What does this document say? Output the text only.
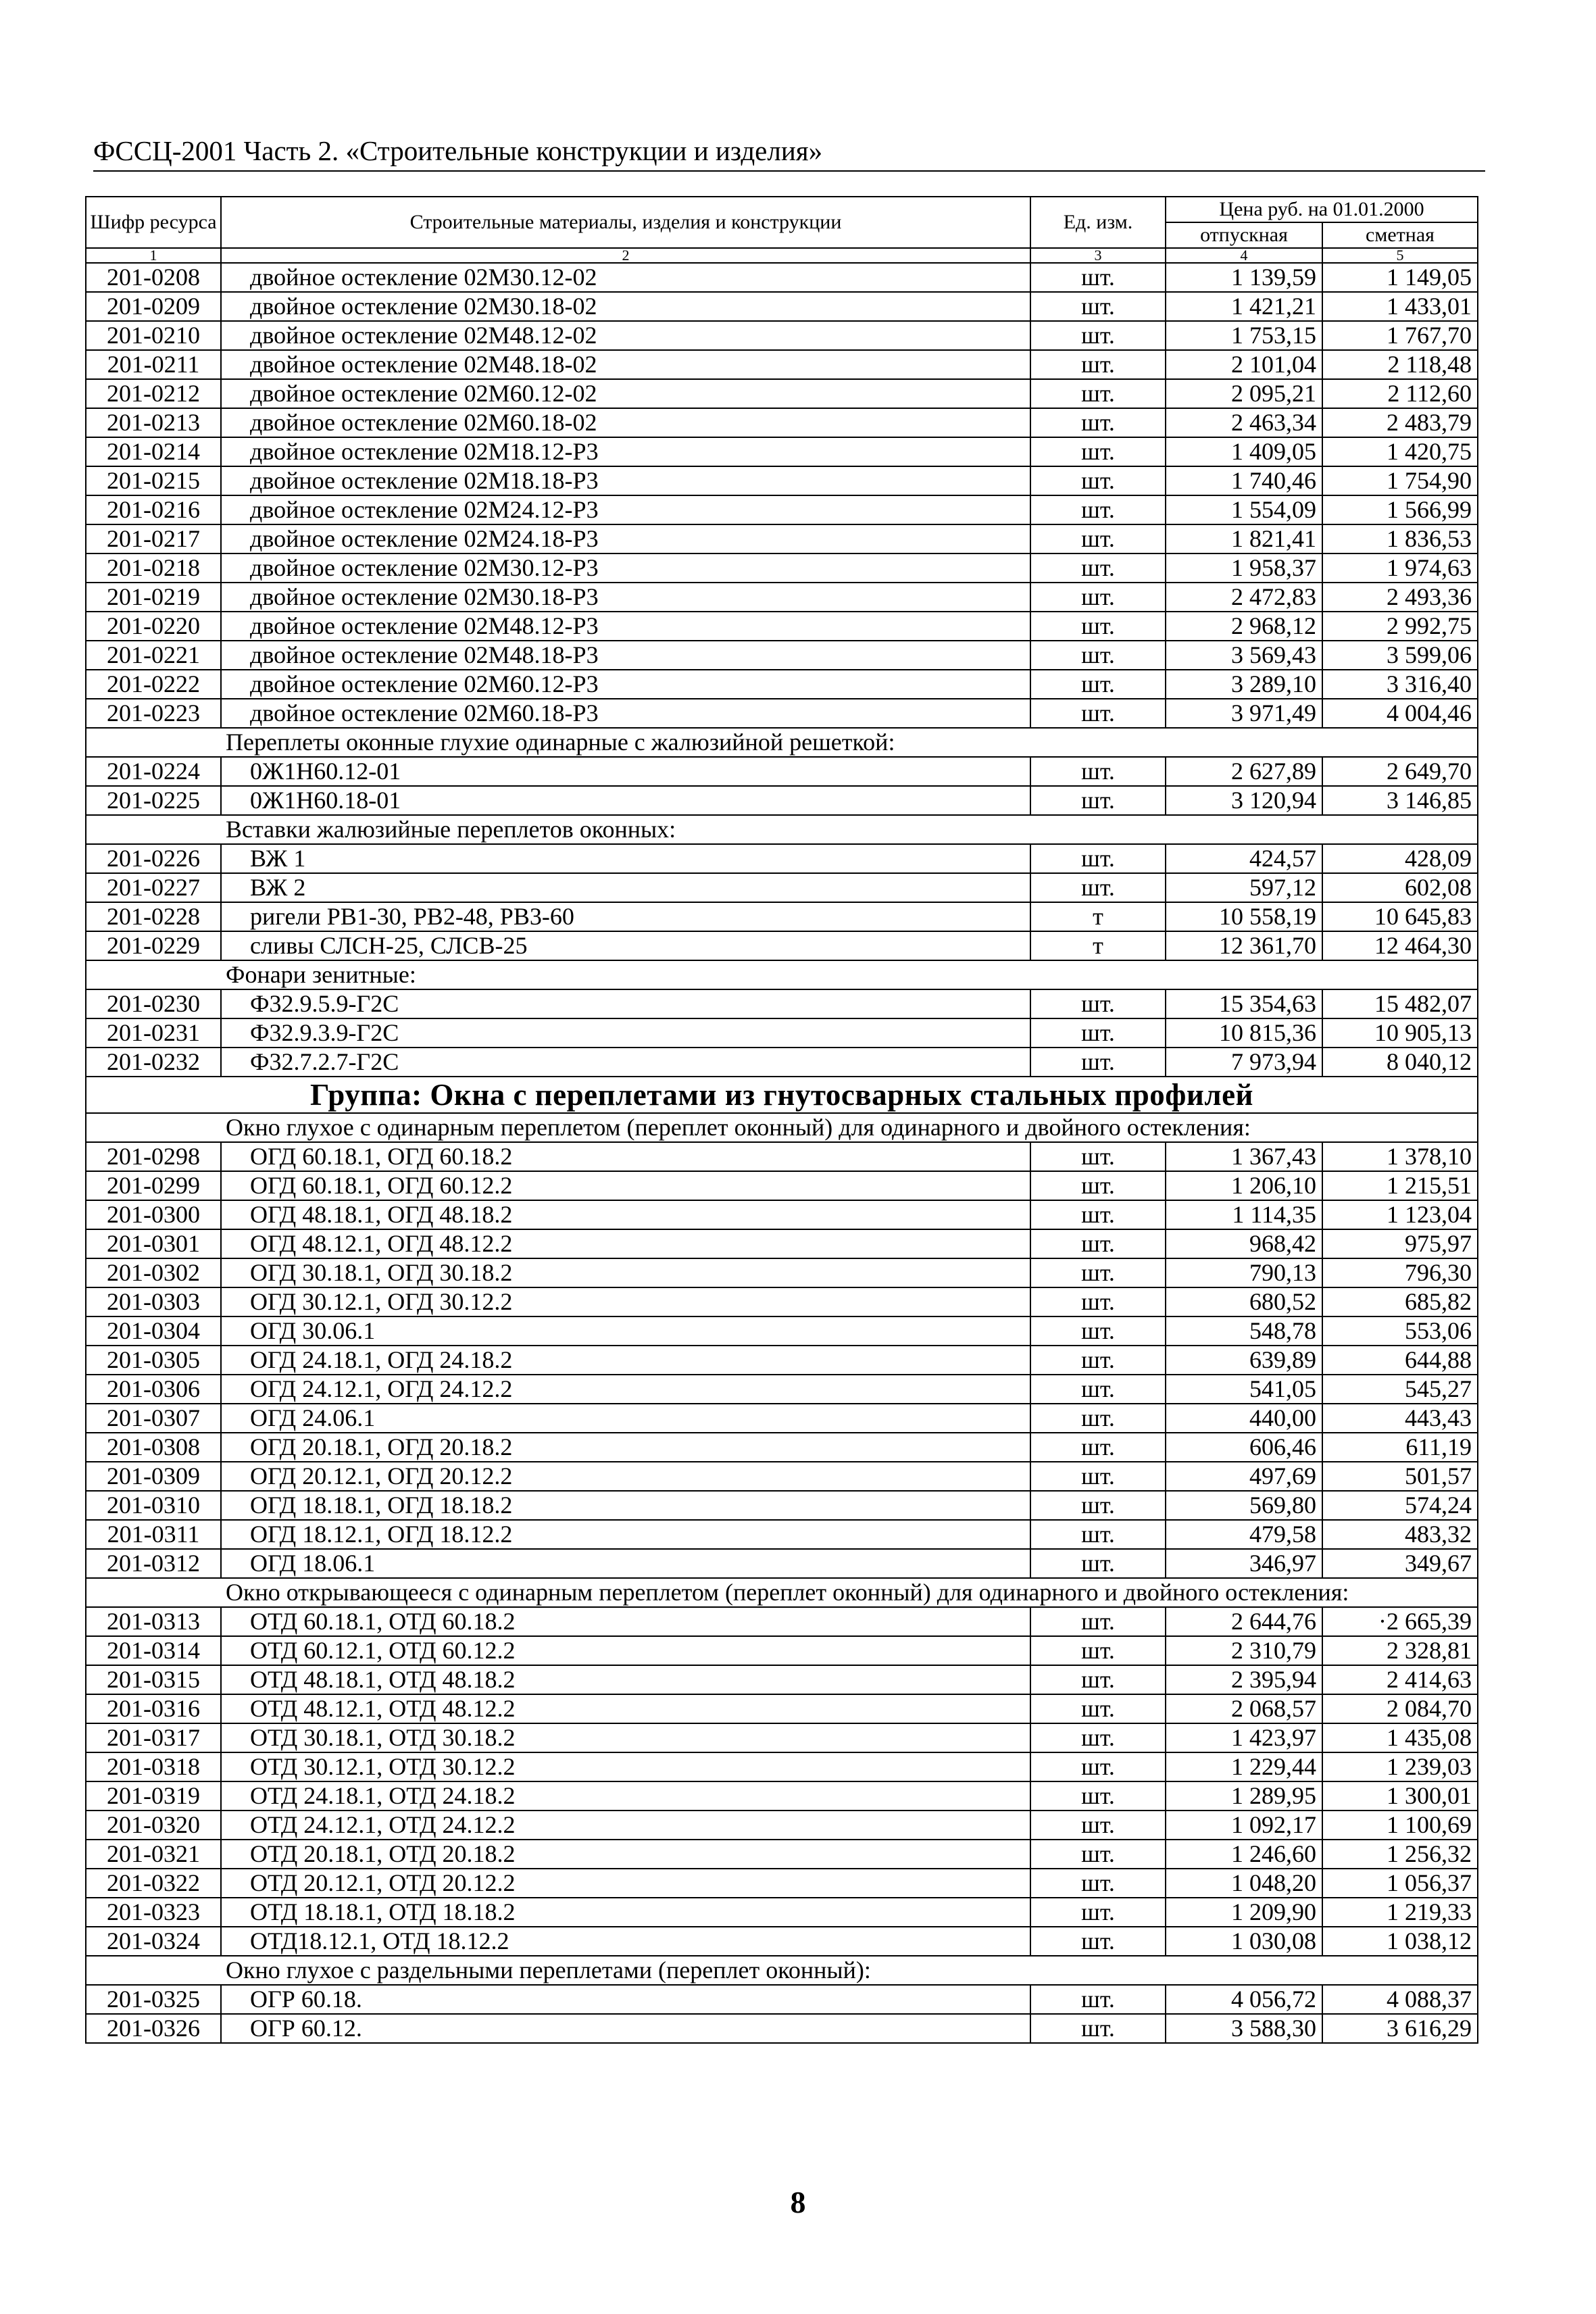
ФССЦ-2001 Часть 2. «Строительные конструкции и изделия»
Шифр ресурса	Строительные материалы, изделия и конструкции	Ед. изм.	Цена руб. на 01.01.2000	
			отпускная	сметная
1	2	3	4	5
201-0208	двойное остекление 02М30.12-02	шт.	1 139,59	1 149,05
201-0209	двойное остекление 02М30.18-02	шт.	1 421,21	1 433,01
201-0210	двойное остекление 02М48.12-02	шт.	1 753,15	1 767,70
201-0211	двойное остекление 02М48.18-02	шт.	2 101,04	2 118,48
201-0212	двойное остекление 02М60.12-02	шт.	2 095,21	2 112,60
201-0213	двойное остекление 02М60.18-02	шт.	2 463,34	2 483,79
201-0214	двойное остекление 02М18.12-Р3	шт.	1 409,05	1 420,75
201-0215	двойное остекление 02М18.18-Р3	шт.	1 740,46	1 754,90
201-0216	двойное остекление 02М24.12-Р3	шт.	1 554,09	1 566,99
201-0217	двойное остекление 02М24.18-Р3	шт.	1 821,41	1 836,53
201-0218	двойное остекление 02М30.12-Р3	шт.	1 958,37	1 974,63
201-0219	двойное остекление 02М30.18-Р3	шт.	2 472,83	2 493,36
201-0220	двойное остекление 02М48.12-Р3	шт.	2 968,12	2 992,75
201-0221	двойное остекление 02М48.18-Р3	шт.	3 569,43	3 599,06
201-0222	двойное остекление 02М60.12-Р3	шт.	3 289,10	3 316,40
201-0223	двойное остекление 02М60.18-Р3	шт.	3 971,49	4 004,46
Переплеты оконные глухие одинарные с жалюзийной решеткой:				
201-0224	0Ж1Н60.12-01	шт.	2 627,89	2 649,70
201-0225	0Ж1Н60.18-01	шт.	3 120,94	3 146,85
Вставки жалюзийные переплетов оконных:				
201-0226	ВЖ 1	шт.	424,57	428,09
201-0227	ВЖ 2	шт.	597,12	602,08
201-0228	ригели РВ1-30, РВ2-48, РВ3-60	т	10 558,19	10 645,83
201-0229	сливы СЛСН-25, СЛСВ-25	т	12 361,70	12 464,30
Фонари зенитные:				
201-0230	Ф32.9.5.9-Г2С	шт.	15 354,63	15 482,07
201-0231	Ф32.9.3.9-Г2С	шт.	10 815,36	10 905,13
201-0232	Ф32.7.2.7-Г2С	шт.	7 973,94	8 040,12
Группа: Окна с переплетами из гнутосварных стальных профилей				
Окно глухое с одинарным переплетом (переплет оконный) для одинарного и двойного остекления:				
201-0298	ОГД 60.18.1, ОГД 60.18.2	шт.	1 367,43	1 378,10
201-0299	ОГД 60.18.1, ОГД 60.12.2	шт.	1 206,10	1 215,51
201-0300	ОГД 48.18.1, ОГД 48.18.2	шт.	1 114,35	1 123,04
201-0301	ОГД 48.12.1, ОГД 48.12.2	шт.	968,42	975,97
201-0302	ОГД 30.18.1, ОГД 30.18.2	шт.	790,13	796,30
201-0303	ОГД 30.12.1, ОГД 30.12.2	шт.	680,52	685,82
201-0304	ОГД 30.06.1	шт.	548,78	553,06
201-0305	ОГД 24.18.1, ОГД 24.18.2	шт.	639,89	644,88
201-0306	ОГД 24.12.1, ОГД 24.12.2	шт.	541,05	545,27
201-0307	ОГД 24.06.1	шт.	440,00	443,43
201-0308	ОГД 20.18.1, ОГД 20.18.2	шт.	606,46	611,19
201-0309	ОГД 20.12.1, ОГД 20.12.2	шт.	497,69	501,57
201-0310	ОГД 18.18.1, ОГД 18.18.2	шт.	569,80	574,24
201-0311	ОГД 18.12.1, ОГД 18.12.2	шт.	479,58	483,32
201-0312	ОГД 18.06.1	шт.	346,97	349,67
Окно открывающееся с одинарным переплетом (переплет оконный) для одинарного и двойного остекления:				
201-0313	ОТД 60.18.1, ОТД 60.18.2	шт.	2 644,76	·2 665,39
201-0314	ОТД 60.12.1, ОТД 60.12.2	шт.	2 310,79	2 328,81
201-0315	ОТД 48.18.1, ОТД 48.18.2	шт.	2 395,94	2 414,63
201-0316	ОТД 48.12.1, ОТД 48.12.2	шт.	2 068,57	2 084,70
201-0317	ОТД 30.18.1, ОТД 30.18.2	шт.	1 423,97	1 435,08
201-0318	ОТД 30.12.1, ОТД 30.12.2	шт.	1 229,44	1 239,03
201-0319	ОТД 24.18.1, ОТД 24.18.2	шт.	1 289,95	1 300,01
201-0320	ОТД 24.12.1, ОТД 24.12.2	шт.	1 092,17	1 100,69
201-0321	ОТД 20.18.1, ОТД 20.18.2	шт.	1 246,60	1 256,32
201-0322	ОТД 20.12.1, ОТД 20.12.2	шт.	1 048,20	1 056,37
201-0323	ОТД 18.18.1, ОТД 18.18.2	шт.	1 209,90	1 219,33
201-0324	ОТД18.12.1, ОТД 18.12.2	шт.	1 030,08	1 038,12
Окно глухое с раздельными переплетами (переплет оконный):				
201-0325	ОГР 60.18.	шт.	4 056,72	4 088,37
201-0326	ОГР 60.12.	шт.	3 588,30	3 616,29
8
